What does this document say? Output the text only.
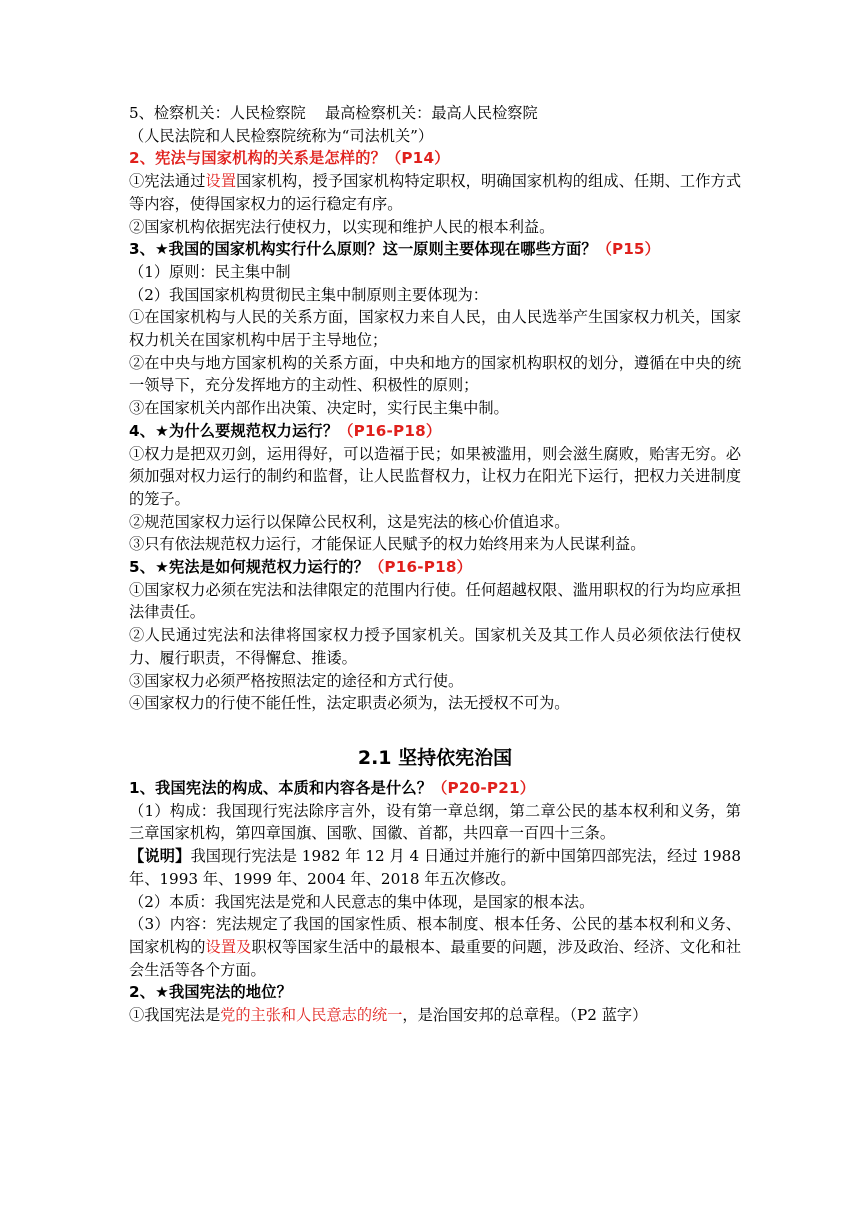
5、检察机关：人民检察院    最高检察机关：最高人民检察院

（人民法院和人民检察院统称为“司法机关”）

2、宪法与国家机构的关系是怎样的？（P14）

①宪法通过设置国家机构，授予国家机构特定职权，明确国家机构的组成、任期、工作方式等内容，使得国家权力的运行稳定有序。

②国家机构依据宪法行使权力，以实现和维护人民的根本利益。

3、★我国的国家机构实行什么原则？这一原则主要体现在哪些方面？（P15）

（1）原则：民主集中制

（2）我国国家机构贯彻民主集中制原则主要体现为：

①在国家机构与人民的关系方面，国家权力来自人民，由人民选举产生国家权力机关，国家权力机关在国家机构中居于主导地位；

②在中央与地方国家机构的关系方面，中央和地方的国家机构职权的划分，遵循在中央的统一领导下，充分发挥地方的主动性、积极性的原则；

③在国家机关内部作出决策、决定时，实行民主集中制。

4、★为什么要规范权力运行？（P16-P18）

①权力是把双刃剑，运用得好，可以造福于民；如果被滥用，则会滋生腐败，贻害无穷。必须加强对权力运行的制约和监督，让人民监督权力，让权力在阳光下运行，把权力关进制度的笼子。

②规范国家权力运行以保障公民权利，这是宪法的核心价值追求。

③只有依法规范权力运行，才能保证人民赋予的权力始终用来为人民谋利益。

5、★宪法是如何规范权力运行的？（P16-P18）

①国家权力必须在宪法和法律限定的范围内行使。任何超越权限、滥用职权的行为均应承担法律责任。

②人民通过宪法和法律将国家权力授予国家机关。国家机关及其工作人员必须依法行使权力、履行职责，不得懈怠、推诿。

③国家权力必须严格按照法定的途径和方式行使。

④国家权力的行使不能任性，法定职责必须为，法无授权不可为。

2.1 坚持依宪治国

1、我国宪法的构成、本质和内容各是什么？（P20-P21）

（1）构成：我国现行宪法除序言外，设有第一章总纲，第二章公民的基本权利和义务，第三章国家机构，第四章国旗、国歌、国徽、首都，共四章一百四十三条。

【说明】我国现行宪法是 1982 年 12 月 4 日通过并施行的新中国第四部宪法，经过 1988 年、1993 年、1999 年、2004 年、2018 年五次修改。

（2）本质：我国宪法是党和人民意志的集中体现，是国家的根本法。

（3）内容：宪法规定了我国的国家性质、根本制度、根本任务、公民的基本权利和义务、国家机构的设置及职权等国家生活中的最根本、最重要的问题，涉及政治、经济、文化和社会生活等各个方面。

2、★我国宪法的地位？

①我国宪法是党的主张和人民意志的统一，是治国安邦的总章程。（P2 蓝字）
